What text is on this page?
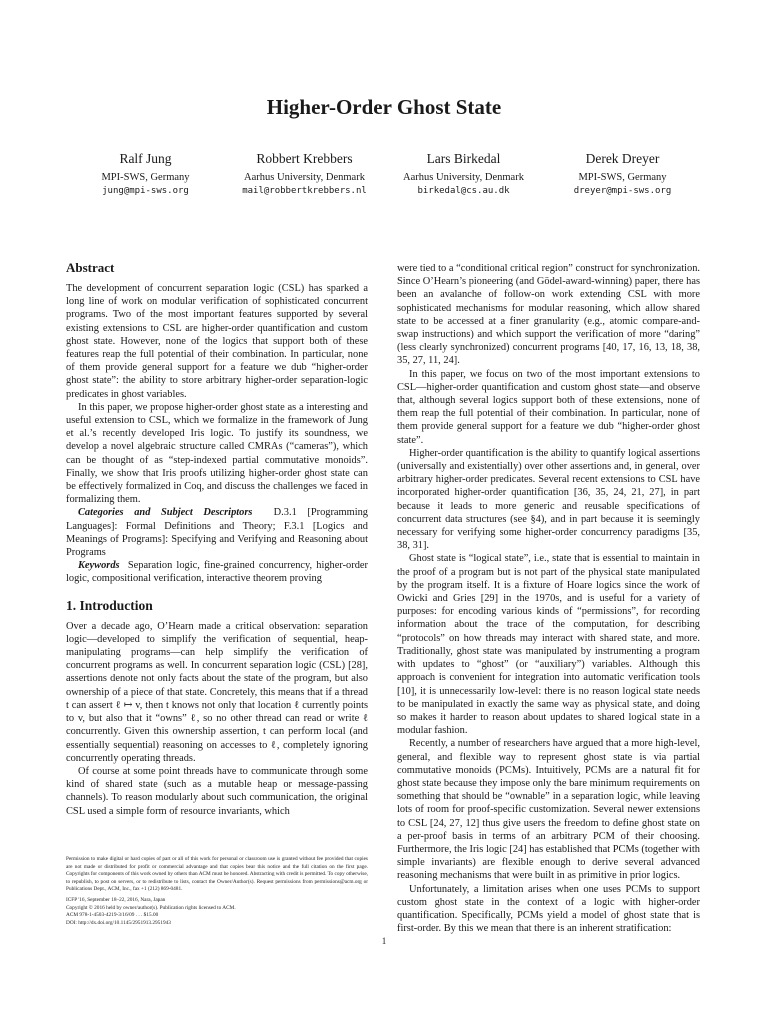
Higher-Order Ghost State
Ralf Jung
MPI-SWS, Germany
jung@mpi-sws.org
Robbert Krebbers
Aarhus University, Denmark
mail@robbertkrebbers.nl
Lars Birkedal
Aarhus University, Denmark
birkedal@cs.au.dk
Derek Dreyer
MPI-SWS, Germany
dreyer@mpi-sws.org
Abstract

The development of concurrent separation logic (CSL) has sparked a long line of work on modular verification of sophisticated concurrent programs. Two of the most important features supported by several existing extensions to CSL are higher-order quantification and custom ghost state. However, none of the logics that support both of these features reap the full potential of their combination. In particular, none of them provide general support for a feature we dub “higher-order ghost state”: the ability to store arbitrary higher-order separation-logic predicates in ghost variables.

In this paper, we propose higher-order ghost state as a interesting and useful extension to CSL, which we formalize in the framework of Jung et al.’s recently developed Iris logic. To justify its soundness, we develop a novel algebraic structure called CMRAs (“cameras”), which can be thought of as “step-indexed partial commutative monoids”. Finally, we show that Iris proofs utilizing higher-order ghost state can be effectively formalized in Coq, and discuss the challenges we faced in formalizing them.

Categories and Subject Descriptors D.3.1 [Programming Languages]: Formal Definitions and Theory; F.3.1 [Logics and Meanings of Programs]: Specifying and Verifying and Reasoning about Programs

Keywords Separation logic, fine-grained concurrency, higher-order logic, compositional verification, interactive theorem proving

1. Introduction

Over a decade ago, O’Hearn made a critical observation: separation logic—developed to simplify the verification of sequential, heap-manipulating programs—can help simplify the verification of concurrent programs as well. In concurrent separation logic (CSL) [28], assertions denote not only facts about the state of the program, but also ownership of a piece of that state. Concretely, this means that if a thread t can assert ℓ ↦ v, then t knows not only that location ℓ currently points to v, but also that it “owns” ℓ, so no other thread can read or write ℓ concurrently. Given this ownership assertion, t can perform local (and essentially sequential) reasoning on accesses to ℓ, completely ignoring concurrently operating threads.

Of course at some point threads have to communicate through some kind of shared state (such as a mutable heap or message-passing channels). To reason modularly about such communication, the original CSL used a simple form of resource invariants, which

were tied to a “conditional critical region” construct for synchronization. Since O’Hearn’s pioneering (and Gödel-award-winning) paper, there has been an avalanche of follow-on work extending CSL with more sophisticated mechanisms for modular reasoning, which allow shared state to be accessed at a finer granularity (e.g., atomic compare-and-swap instructions) and which support the verification of more “daring” (less clearly synchronized) concurrent programs [40, 17, 16, 13, 18, 38, 35, 27, 11, 24].

In this paper, we focus on two of the most important extensions to CSL—higher-order quantification and custom ghost state—and observe that, although several logics support both of these extensions, none of them reap the full potential of their combination. In particular, none of them provide general support for a feature we dub “higher-order ghost state”.

Higher-order quantification is the ability to quantify logical assertions (universally and existentially) over other assertions and, in general, over arbitrary higher-order predicates. Several recent extensions to CSL have incorporated higher-order quantification [36, 35, 24, 21, 27], in part because it leads to more generic and reusable specifications of concurrent data structures (see §4), and in part because it is seemingly necessary for verifying some higher-order concurrency paradigms [35, 38, 31].

Ghost state is “logical state”, i.e., state that is essential to maintain in the proof of a program but is not part of the physical state manipulated by the program itself. It is a fixture of Hoare logics since the work of Owicki and Gries [29] in the 1970s, and is useful for a variety of purposes: for encoding various kinds of “permissions”, for recording information about the trace of the computation, for describing “protocols” on how threads may interact with shared state, and more. Traditionally, ghost state was manipulated by instrumenting a program with updates to “ghost” (or “auxiliary”) variables. Although this approach is convenient for integration into automatic verification tools [10], it is unnecessarily low-level: there is no reason logical state needs to be manipulated in exactly the same way as physical state, and doing so makes it harder to reason about updates to shared logical state in a modular fashion.

Recently, a number of researchers have argued that a more high-level, general, and flexible way to represent ghost state is via partial commutative monoids (PCMs). Intuitively, PCMs are a natural fit for ghost state because they impose only the bare minimum requirements on something that should be “ownable” in a separation logic, while leaving lots of room for proof-specific customization. Several newer extensions to CSL [24, 27, 12] thus give users the freedom to define ghost state on a per-proof basis in terms of an arbitrary PCM of their choosing. Furthermore, the Iris logic [24] has established that PCMs (together with simple invariants) are flexible enough to derive several advanced reasoning mechanisms that were built in as primitive in prior logics.

Unfortunately, a limitation arises when one uses PCMs to support custom ghost state in the context of a logic with higher-order quantification. Specifically, PCMs yield a model of ghost state that is first-order. By this we mean that there is an inherent stratification:

Permission to make digital or hard copies of part or all of this work for personal or classroom use is granted without fee provided that copies are not made or distributed for profit or commercial advantage and that copies bear this notice and the full citation on the first page. Copyrights for components of this work owned by others than ACM must be honored. Abstracting with credit is permitted. To copy otherwise, to republish, to post on servers, or to redistribute to lists, contact the Owner/Author(s). Request permissions from permissions@acm.org or Publications Dept., ACM, Inc., fax +1 (212) 869-0481.
ICFP '16, September 18–22, 2016, Nara, Japan
Copyright © 2016 held by owner/author(s). Publication rights licensed to ACM.
ACM 978-1-4503-4219-3/16/09 . . . $15.00
DOI: http://dx.doi.org/10.1145/2951913.2951943
1
